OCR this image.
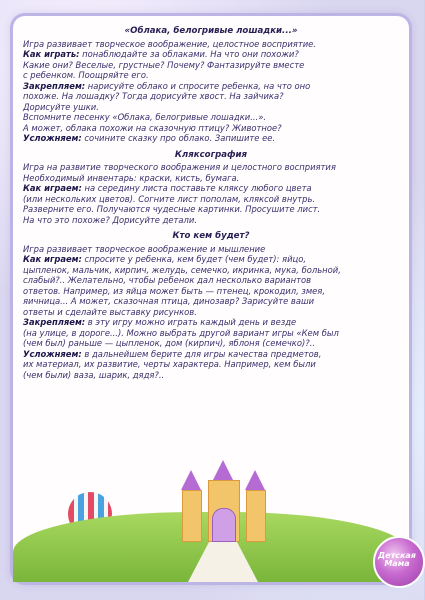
«Облака, белогривые лошадки...»
Игра развивает творческое воображение, целостное восприятие.
Как играть: понаблюдайте за облаками. На что они похожи?
Какие они? Веселые, грустные? Почему? Фантазируйте вместе
с ребенком. Поощряйте его.
Закрепляем: нарисуйте облако и спросите ребенка, на что оно
похоже. На лошадку? Тогда дорисуйте хвост. На зайчика?
Дорисуйте ушки.
Вспомните песенку «Облака, белогривые лошадки...».
А может, облака похожи на сказочную птицу? Животное?
Усложняем: сочините сказку про облако. Запишите ее.
Кляксография
Игра на развитие творческого воображения и целостного восприятия
Необходимый инвентарь: краски, кисть, бумага.
Как играем: на середину листа поставьте кляксу любого цвета
(или нескольких цветов). Согните лист пополам, кляксой внутрь.
Разверните его. Получаются чудесные картинки. Просушите лист.
На что это похоже? Дорисуйте детали.
Кто кем будет?
Игра развивает творческое воображение и мышление
Как играем: спросите у ребенка, кем будет (чем будет): яйцо,
цыпленок, мальчик, кирпич, желудь, семечко, икринка, мука, больной,
слабый?.. Желательно, чтобы ребенок дал несколько вариантов
ответов. Например, из яйца может быть — птенец, крокодил, змея,
яичница... А может, сказочная птица, динозавр? Зарисуйте ваши
ответы и сделайте выставку рисунков.
Закрепляем: в эту игру можно играть каждый день и везде
(на улице, в дороге...). Можно выбрать другой вариант игры «Кем был
(чем был) раньше — цыпленок, дом (кирпич), яблоня (семечко)?..
Усложняем: в дальнейшем берите для игры качества предметов,
их материал, их развитие, черты характера. Например, кем были
(чем были) ваза, шарик, дядя?..
Детская Мама
